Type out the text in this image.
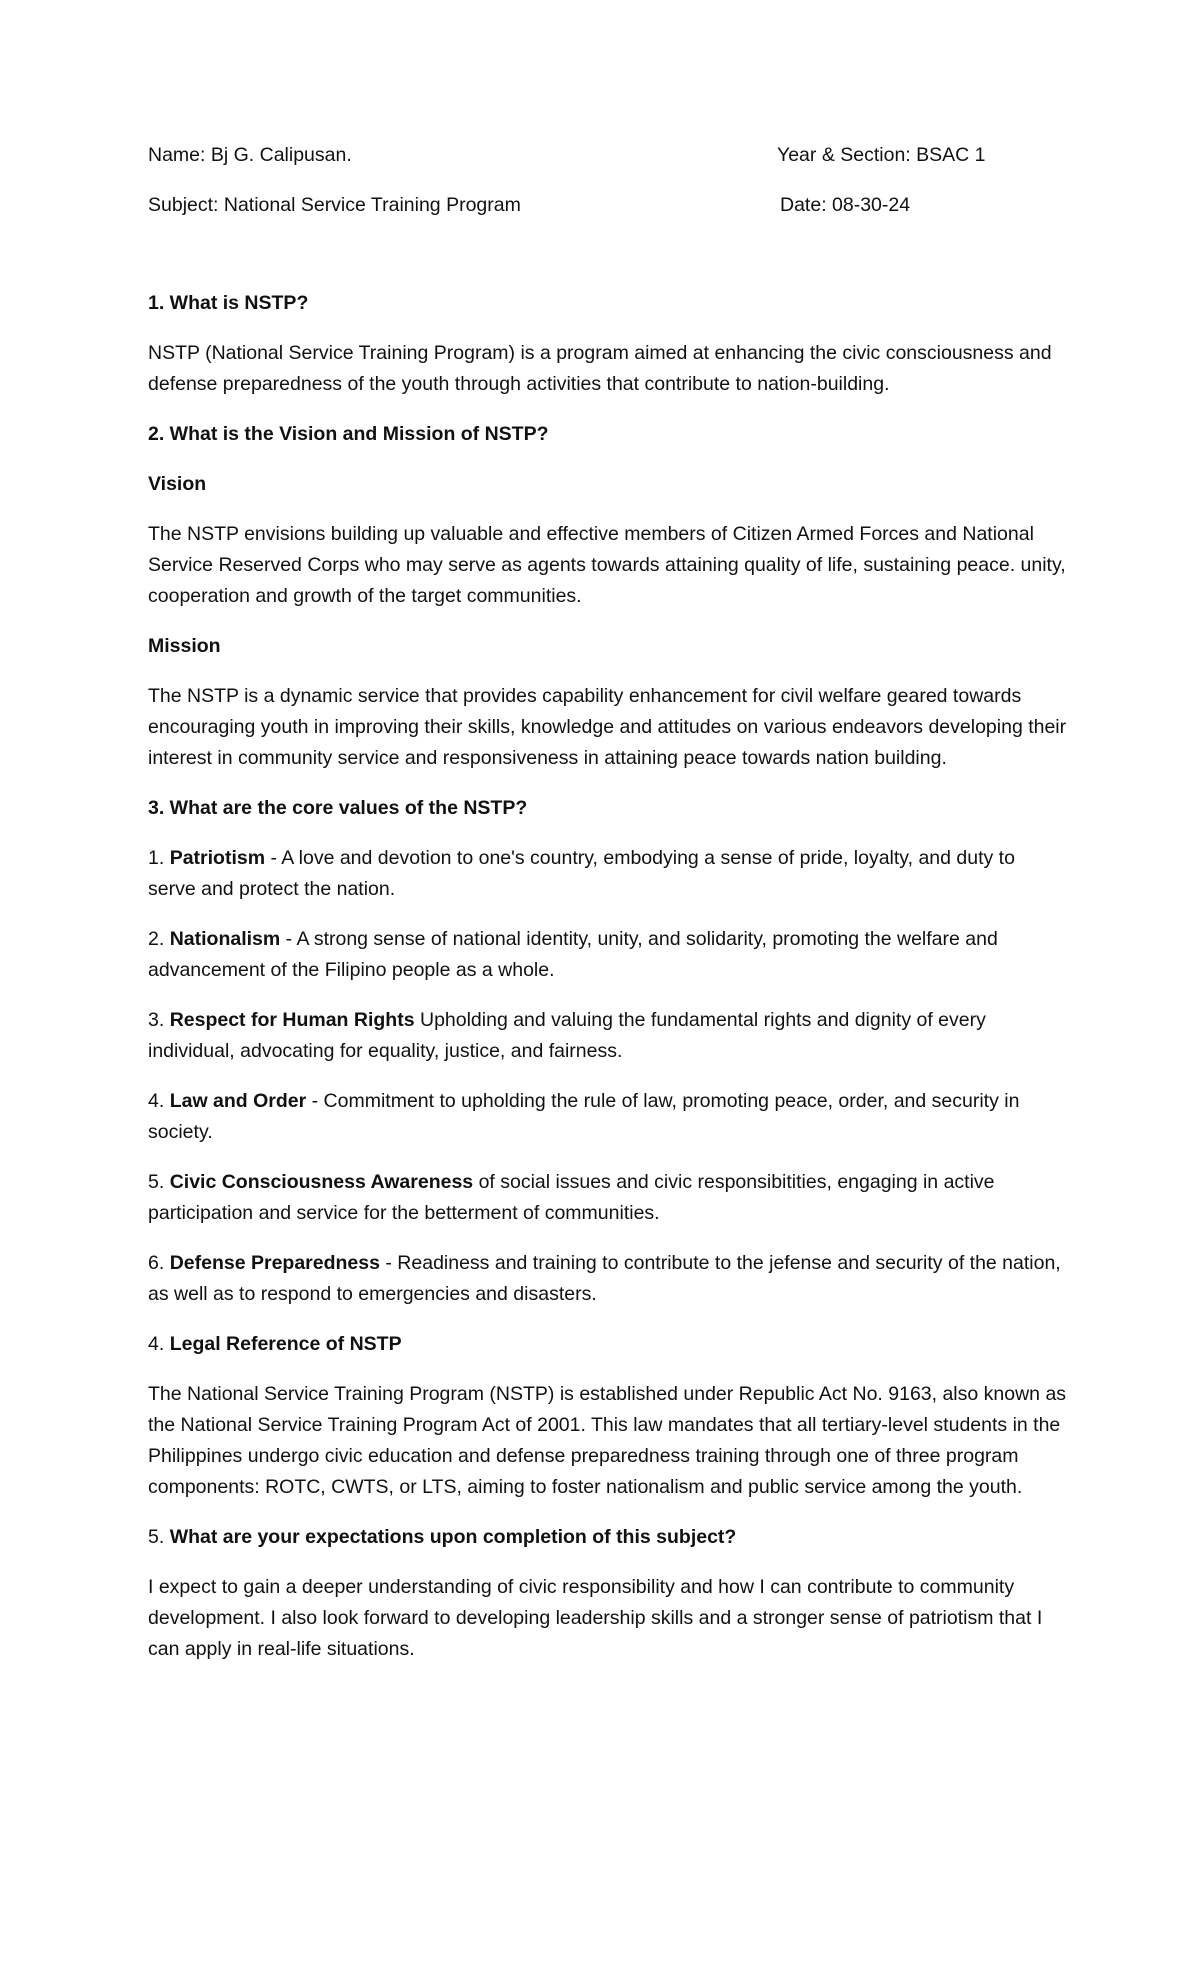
Name: Bj G. Calipusan.	Year & Section: BSAC 1
Subject: National Service Training Program	Date: 08-30-24

1. What is NSTP?

NSTP (National Service Training Program) is a program aimed at enhancing the civic consciousness and defense preparedness of the youth through activities that contribute to nation-building.

2. What is the Vision and Mission of NSTP?

Vision

The NSTP envisions building up valuable and effective members of Citizen Armed Forces and National Service Reserved Corps who may serve as agents towards attaining quality of life, sustaining peace. unity, cooperation and growth of the target communities.

Mission

The NSTP is a dynamic service that provides capability enhancement for civil welfare geared towards encouraging youth in improving their skills, knowledge and attitudes on various endeavors developing their interest in community service and responsiveness in attaining peace towards nation building.

3. What are the core values of the NSTP?

1. Patriotism - A love and devotion to one's country, embodying a sense of pride, loyalty, and duty to serve and protect the nation.

2. Nationalism - A strong sense of national identity, unity, and solidarity, promoting the welfare and advancement of the Filipino people as a whole.

3. Respect for Human Rights Upholding and valuing the fundamental rights and dignity of every individual, advocating for equality, justice, and fairness.

4. Law and Order - Commitment to upholding the rule of law, promoting peace, order, and security in society.

5. Civic Consciousness Awareness of social issues and civic responsibitities, engaging in active participation and service for the betterment of communities.

6. Defense Preparedness - Readiness and training to contribute to the jefense and security of the nation, as well as to respond to emergencies and disasters.

4. Legal Reference of NSTP

The National Service Training Program (NSTP) is established under Republic Act No. 9163, also known as the National Service Training Program Act of 2001. This law mandates that all tertiary-level students in the Philippines undergo civic education and defense preparedness training through one of three program components: ROTC, CWTS, or LTS, aiming to foster nationalism and public service among the youth.

5. What are your expectations upon completion of this subject?

I expect to gain a deeper understanding of civic responsibility and how I can contribute to community development. I also look forward to developing leadership skills and a stronger sense of patriotism that I can apply in real-life situations.
